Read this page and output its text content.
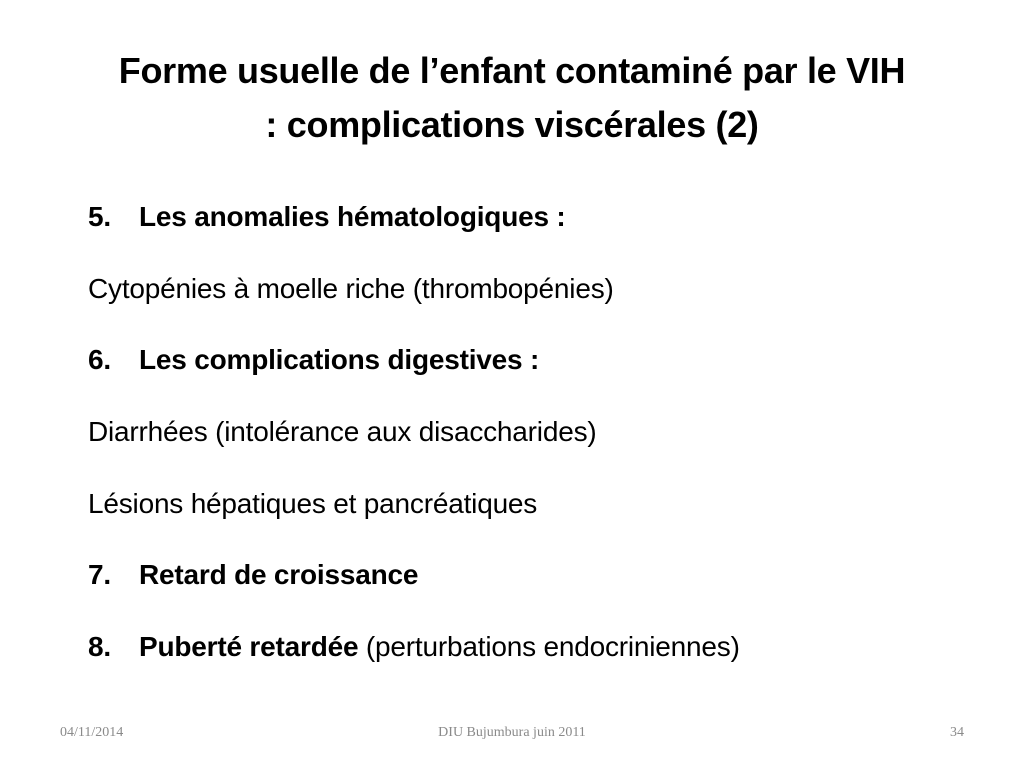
Forme usuelle de l’enfant contaminé par le VIH
: complications viscérales (2)
5. Les anomalies hématologiques :
Cytopénies à moelle riche (thrombopénies)
6. Les complications digestives :
Diarrhées (intolérance aux disaccharides)
Lésions hépatiques et pancréatiques
7. Retard de croissance
8. Puberté retardée (perturbations endocriniennes)
04/11/2014	DIU Bujumbura juin 2011	34
